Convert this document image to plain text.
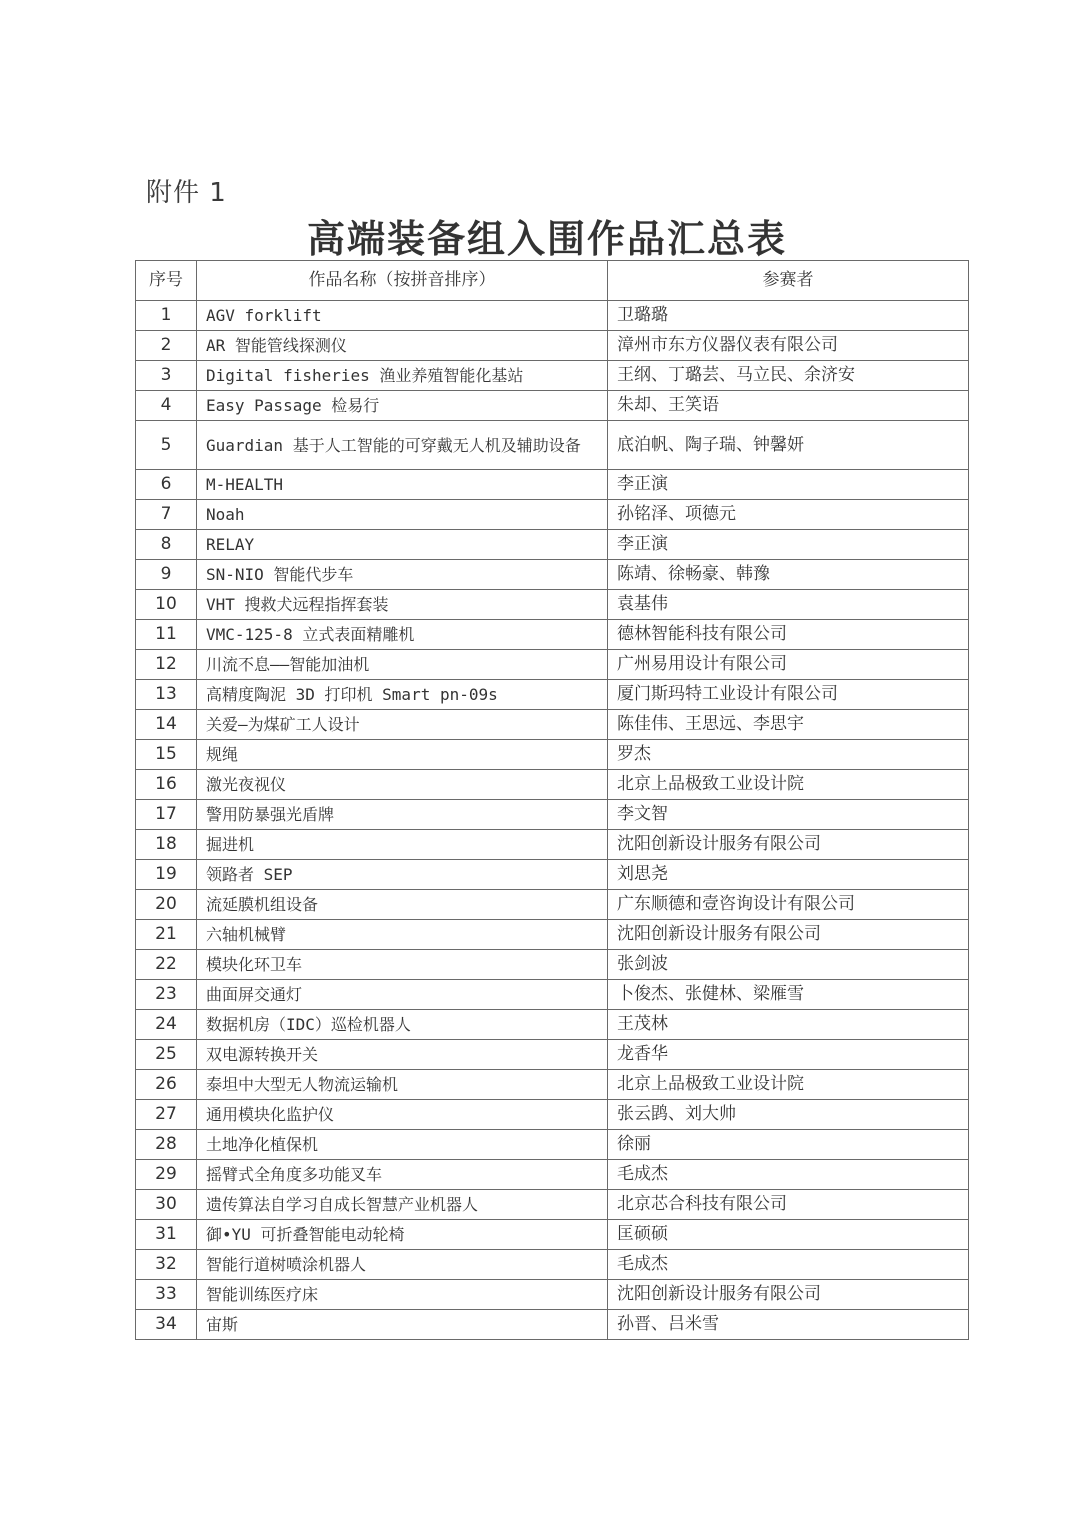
附件 1
高端装备组入围作品汇总表
序号	作品名称（按拼音排序）	参赛者
1	AGV forklift	卫璐璐
2	AR 智能管线探测仪	漳州市东方仪器仪表有限公司
3	Digital fisheries 渔业养殖智能化基站	王纲、丁璐芸、马立民、余济安
4	Easy Passage 检易行	朱却、王笑语
5	Guardian 基于人工智能的可穿戴无人机及辅助设备	底泊帆、陶子瑞、钟馨妍
6	M-HEALTH	李正演
7	Noah	孙铭泽、项德元
8	RELAY	李正演
9	SN-NIO 智能代步车	陈靖、徐畅豪、韩豫
10	VHT 搜救犬远程指挥套装	袁基伟
11	VMC-125-8 立式表面精雕机	德林智能科技有限公司
12	川流不息——智能加油机	广州易用设计有限公司
13	高精度陶泥 3D 打印机 Smart pn-09s	厦门斯玛特工业设计有限公司
14	关爱—为煤矿工人设计	陈佳伟、王思远、李思宇
15	规绳	罗杰
16	激光夜视仪	北京上品极致工业设计院
17	警用防暴强光盾牌	李文智
18	掘进机	沈阳创新设计服务有限公司
19	领路者 SEP	刘思尧
20	流延膜机组设备	广东顺德和壹咨询设计有限公司
21	六轴机械臂	沈阳创新设计服务有限公司
22	模块化环卫车	张剑波
23	曲面屏交通灯	卜俊杰、张健林、梁雁雪
24	数据机房（IDC）巡检机器人	王茂林
25	双电源转换开关	龙香华
26	泰坦中大型无人物流运输机	北京上品极致工业设计院
27	通用模块化监护仪	张云鹍、刘大帅
28	土地净化植保机	徐丽
29	摇臂式全角度多功能叉车	毛成杰
30	遗传算法自学习自成长智慧产业机器人	北京芯合科技有限公司
31	御•YU 可折叠智能电动轮椅	匡硕硕
32	智能行道树喷涂机器人	毛成杰
33	智能训练医疗床	沈阳创新设计服务有限公司
34	宙斯	孙晋、吕米雪
